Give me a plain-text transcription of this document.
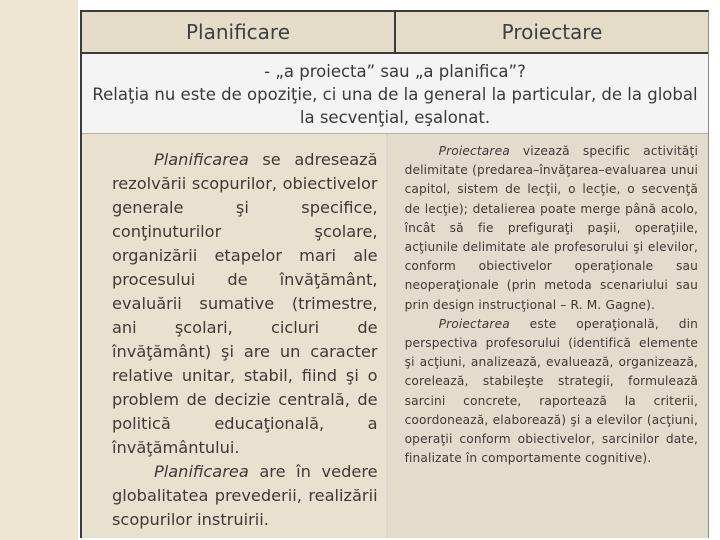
Planificare	Proiectare

- „a proiecta” sau „a planifica”?

Relaţia nu este de opoziţie, ci una de la general la particular, de la global la secvenţial, eşalonat.

Planificarea se adresează rezolvării scopurilor, obiectivelor generale şi specifice, conţinuturilor şcolare, organizării etapelor mari ale procesului de învăţământ, evaluării sumative (trimestre, ani şcolari, cicluri de învăţământ) şi are un caracter relative unitar, stabil, fiind şi o problem de decizie centrală, de politică educaţională, a învăţământului.

Planificarea are în vedere globalitatea prevederii, realizării scopurilor instruirii.

Proiectarea vizează specific activităţi delimitate (predarea–învăţarea–evaluarea unui capitol, sistem de lecţii, o lecţie, o secvenţă de lecţie); detalierea poate merge până acolo, încât să fie prefiguraţi paşii, operaţiile, acţiunile delimitate ale profesorului şi elevilor, conform obiectivelor operaţionale sau neoperaţionale (prin metoda scenariului sau prin design instrucţional – R. M. Gagne).

Proiectarea este operaţională, din perspectiva profesorului (identifică elemente şi acţiuni, analizează, evaluează, organizează, corelează, stabileşte strategii, formulează sarcini concrete, raportează la criterii, coordonează, elaborează) şi a elevilor (acţiuni, operaţii conform obiectivelor, sarcinilor date, finalizate în comportamente cognitive).
